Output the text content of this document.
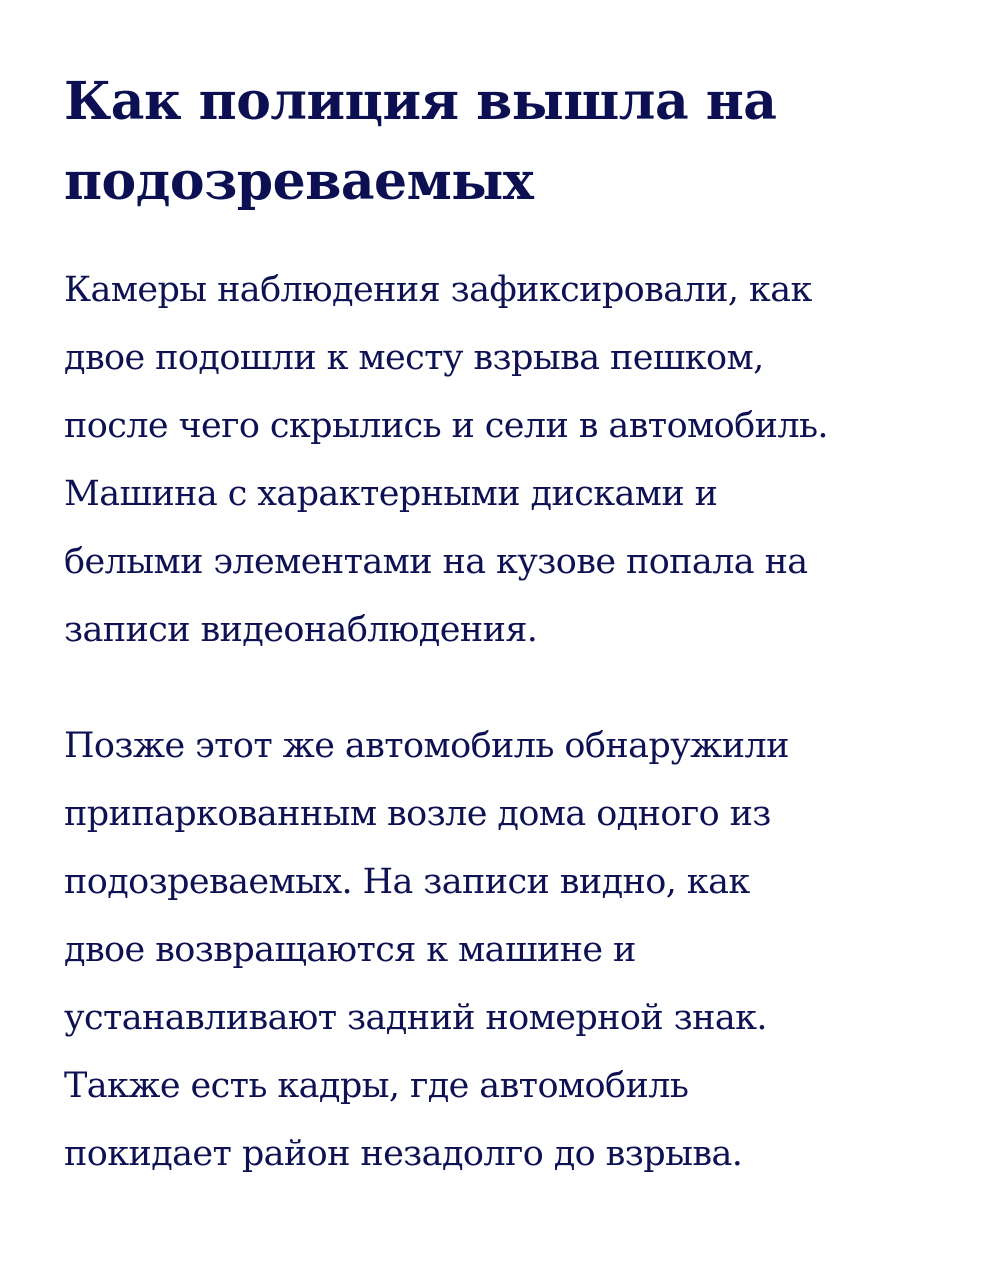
Как полиция вышла на
подозреваемых

Камеры наблюдения зафиксировали, как
двое подошли к месту взрыва пешком,
после чего скрылись и сели в автомобиль.
Машина с характерными дисками и
белыми элементами на кузове попала на
записи видеонаблюдения.

Позже этот же автомобиль обнаружили
припаркованным возле дома одного из
подозреваемых. На записи видно, как
двое возвращаются к машине и
устанавливают задний номерной знак.
Также есть кадры, где автомобиль
покидает район незадолго до взрыва.
